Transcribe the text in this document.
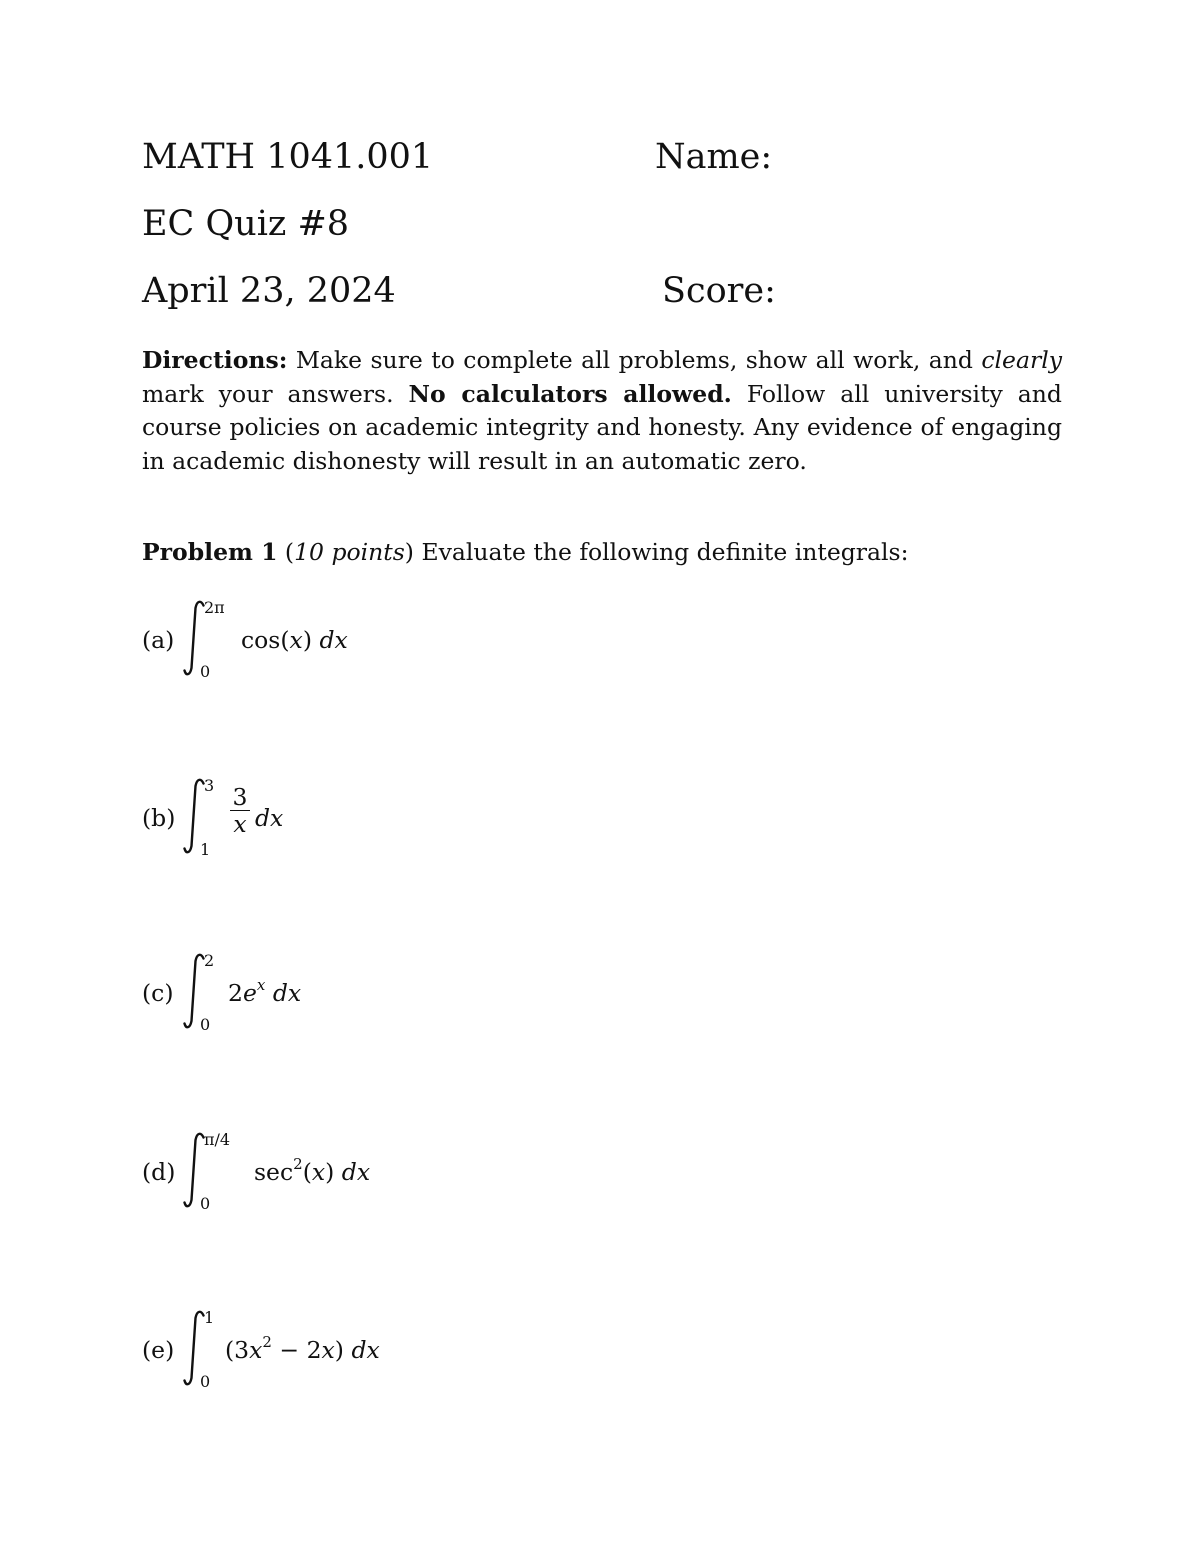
MATH 1041.001	Name:
EC Quiz #8
April 23, 2024	Score:
Directions: Make sure to complete all problems, show all work, and clearly mark your answers. No calculators allowed. Follow all university and course policies on academic integrity and honesty. Any evidence of engaging in academic dishonesty will result in an automatic zero.
Problem 1 (10 points) Evaluate the following definite integrals:
(a)
2π
0
cos(x) dx
(b)
3
1
3
x dx
(c)
2
0
$2e^x$ dx
(d)
π/4
0
$\sec^2(x)$ dx
(e)
1
0
$(3x^2 - 2x)$ dx
